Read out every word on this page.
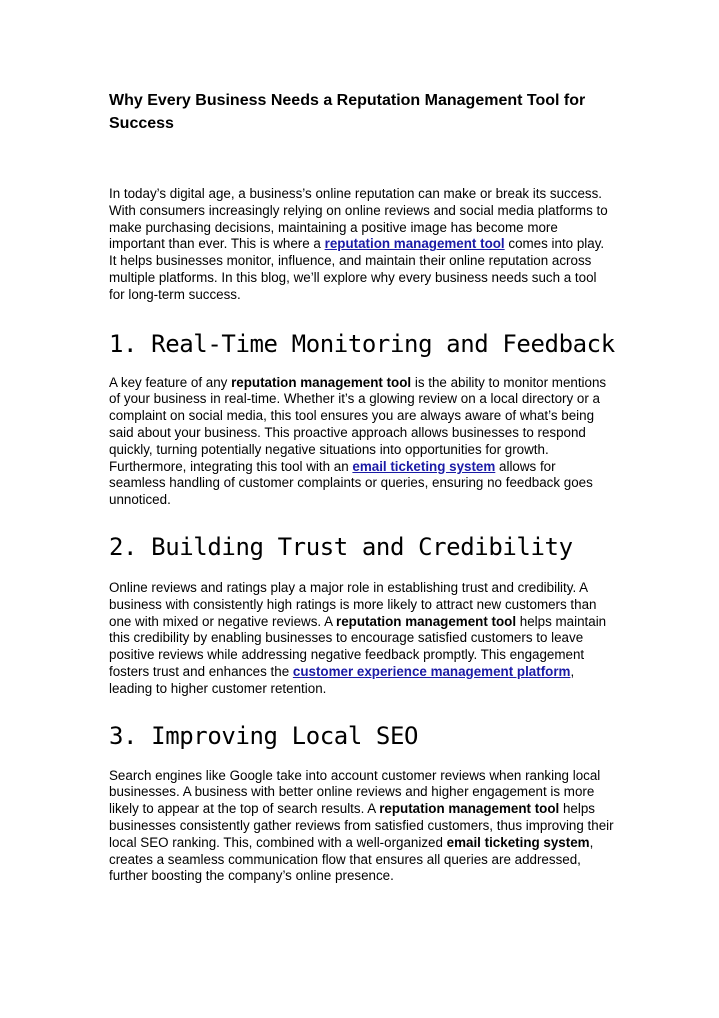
Why Every Business Needs a Reputation Management Tool for Success

In today’s digital age, a business’s online reputation can make or break its success. With consumers increasingly relying on online reviews and social media platforms to make purchasing decisions, maintaining a positive image has become more important than ever. This is where a reputation management tool comes into play. It helps businesses monitor, influence, and maintain their online reputation across multiple platforms. In this blog, we’ll explore why every business needs such a tool for long-term success.

1. Real-Time Monitoring and Feedback

A key feature of any reputation management tool is the ability to monitor mentions of your business in real-time. Whether it’s a glowing review on a local directory or a complaint on social media, this tool ensures you are always aware of what’s being said about your business. This proactive approach allows businesses to respond quickly, turning potentially negative situations into opportunities for growth. Furthermore, integrating this tool with an email ticketing system allows for seamless handling of customer complaints or queries, ensuring no feedback goes unnoticed.

2. Building Trust and Credibility

Online reviews and ratings play a major role in establishing trust and credibility. A business with consistently high ratings is more likely to attract new customers than one with mixed or negative reviews. A reputation management tool helps maintain this credibility by enabling businesses to encourage satisfied customers to leave positive reviews while addressing negative feedback promptly. This engagement fosters trust and enhances the customer experience management platform, leading to higher customer retention.

3. Improving Local SEO

Search engines like Google take into account customer reviews when ranking local businesses. A business with better online reviews and higher engagement is more likely to appear at the top of search results. A reputation management tool helps businesses consistently gather reviews from satisfied customers, thus improving their local SEO ranking. This, combined with a well-organized email ticketing system, creates a seamless communication flow that ensures all queries are addressed, further boosting the company’s online presence.
